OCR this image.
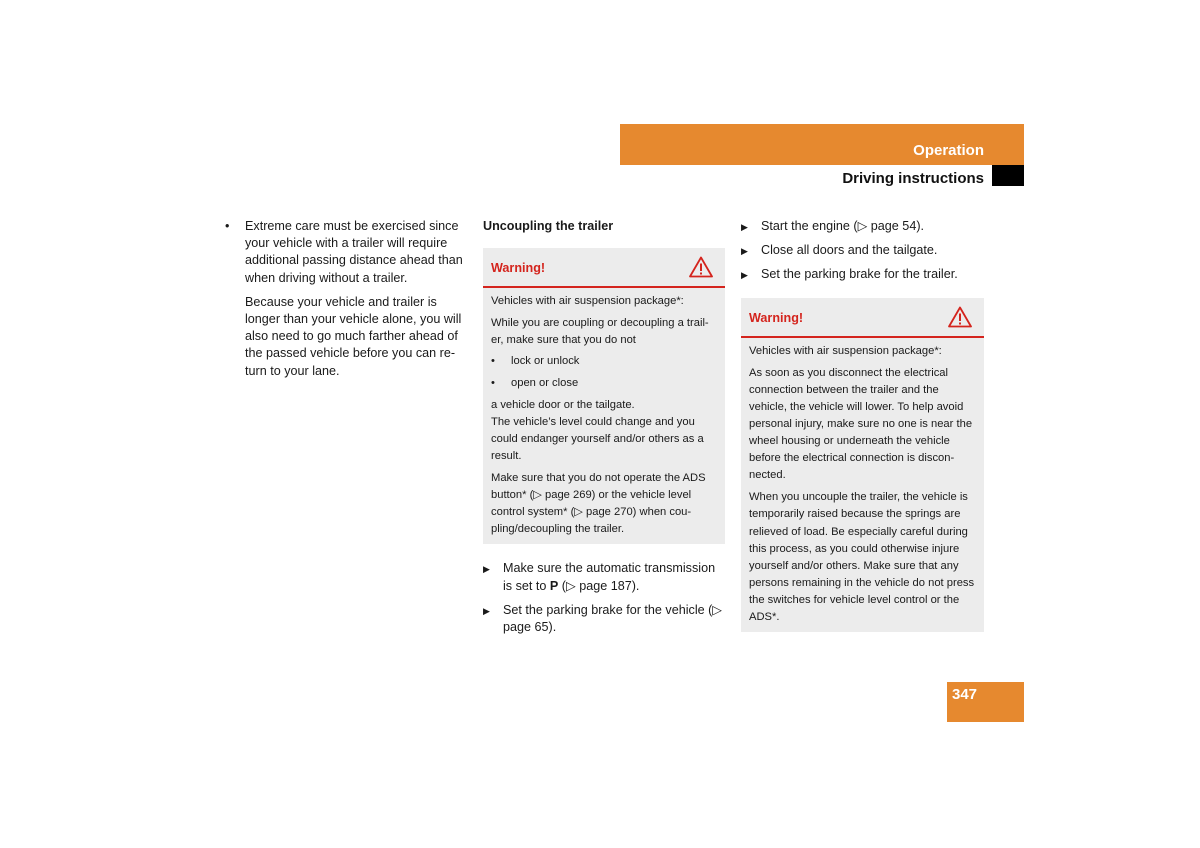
Operation
Driving instructions
• Extreme care must be exercised since your vehicle with a trailer will require additional passing distance ahead than when driving without a trailer.
Because your vehicle and trailer is longer than your vehicle alone, you will also need to go much farther ahead of the passed vehicle before you can re-turn to your lane.
Uncoupling the trailer
Warning!
Vehicles with air suspension package*:
While you are coupling or decoupling a trail-er, make sure that you do not
• lock or unlock
• open or close
a vehicle door or the tailgate.
The vehicle’s level could change and you could endanger yourself and/or others as a result.
Make sure that you do not operate the ADS button* (▷ page 269) or the vehicle level control system* (▷ page 270) when cou-pling/decoupling the trailer.
▶ Make sure the automatic transmission is set to P (▷ page 187).
▶ Set the parking brake for the vehicle (▷ page 65).
▶ Start the engine (▷ page 54).
▶ Close all doors and the tailgate.
▶ Set the parking brake for the trailer.
Warning!
Vehicles with air suspension package*:
As soon as you disconnect the electrical connection between the trailer and the vehicle, the vehicle will lower. To help avoid personal injury, make sure no one is near the wheel housing or underneath the vehicle before the electrical connection is discon-nected.
When you uncouple the trailer, the vehicle is temporarily raised because the springs are relieved of load. Be especially careful during this process, as you could otherwise injure yourself and/or others. Make sure that any persons remaining in the vehicle do not press the switches for vehicle level control or the ADS*.
347
